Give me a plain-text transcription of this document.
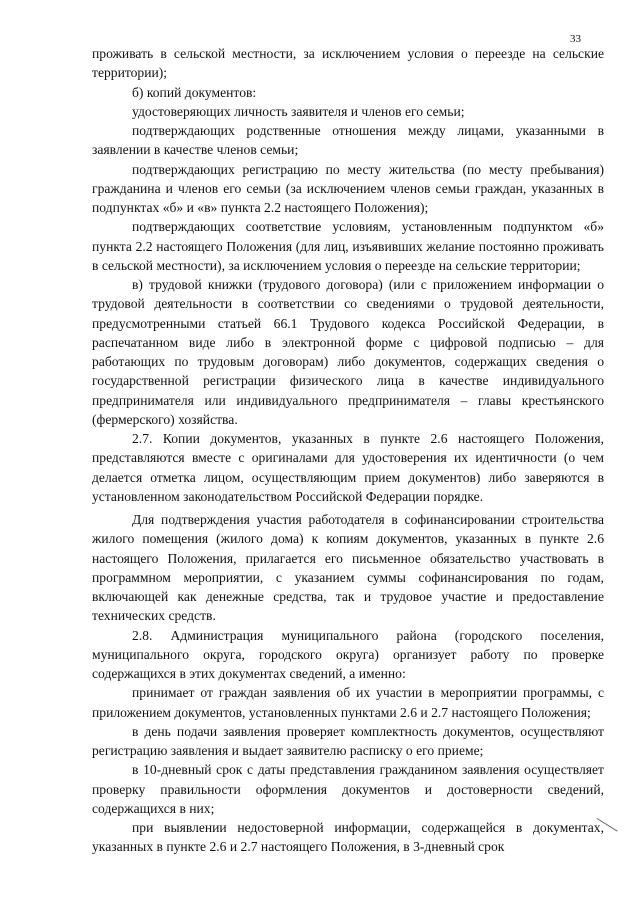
33

проживать в сельской местности, за исключением условия о переезде на сельские территории);

б) копий документов:

удостоверяющих личность заявителя и членов его семьи;

подтверждающих родственные отношения между лицами, указанными в заявлении в качестве членов семьи;

подтверждающих регистрацию по месту жительства (по месту пребывания) гражданина и членов его семьи (за исключением членов семьи граждан, указанных в подпунктах «б» и «в» пункта 2.2 настоящего Положения);

подтверждающих соответствие условиям, установленным подпунктом «б» пункта 2.2 настоящего Положения (для лиц, изъявивших желание постоянно проживать в сельской местности), за исключением условия о переезде на сельские территории;

в) трудовой книжки (трудового договора) (или с приложением информации о трудовой деятельности в соответствии со сведениями о трудовой деятельности, предусмотренными статьей 66.1 Трудового кодекса Российской Федерации, в распечатанном виде либо в электронной форме с цифровой подписью – для работающих по трудовым договорам) либо документов, содержащих сведения о государственной регистрации физического лица в качестве индивидуального предпринимателя или индивидуального предпринимателя – главы крестьянского (фермерского) хозяйства.

2.7. Копии документов, указанных в пункте 2.6 настоящего Положения, представляются вместе с оригиналами для удостоверения их идентичности (о чем делается отметка лицом, осуществляющим прием документов) либо заверяются в установленном законодательством Российской Федерации порядке.

Для подтверждения участия работодателя в софинансировании строительства жилого помещения (жилого дома) к копиям документов, указанных в пункте 2.6 настоящего Положения, прилагается его письменное обязательство участвовать в программном мероприятии, с указанием суммы софинансирования по годам, включающей как денежные средства, так и трудовое участие и предоставление технических средств.

2.8. Администрация муниципального района (городского поселения, муниципального округа, городского округа) организует работу по проверке содержащихся в этих документах сведений, а именно:

принимает от граждан заявления об их участии в мероприятии программы, с приложением документов, установленных пунктами 2.6 и 2.7 настоящего Положения;

в день подачи заявления проверяет комплектность документов, осуществляют регистрацию заявления и выдает заявителю расписку о его приеме;

в 10-дневный срок с даты представления гражданином заявления осуществляет проверку правильности оформления документов и достоверности сведений, содержащихся в них;

при выявлении недостоверной информации, содержащейся в документах, указанных в пункте 2.6 и 2.7 настоящего Положения, в 3-дневный срок
